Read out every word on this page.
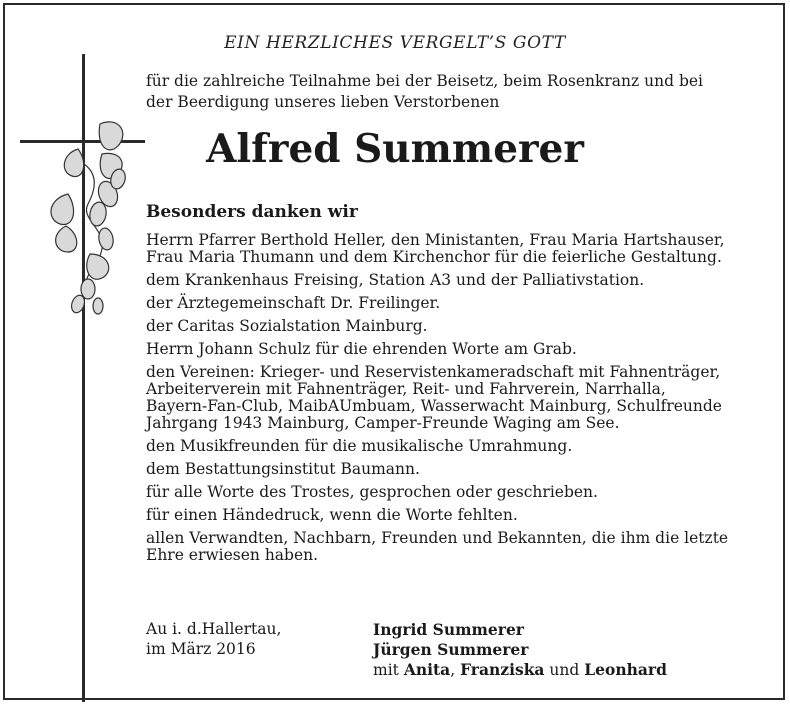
EIN HERZLICHES VERGELT’S GOTT
für die zahlreiche Teilnahme bei der Beisetz, beim Rosenkranz und bei
der Beerdigung unseres lieben Verstorbenen
Alfred Summerer
Besonders danken wir
Herrn Pfarrer Berthold Heller, den Ministanten, Frau Maria Hartshauser,
Frau Maria Thumann und dem Kirchenchor für die feierliche Gestaltung.
dem Krankenhaus Freising, Station A3 und der Palliativstation.
der Ärztegemeinschaft Dr. Freilinger.
der Caritas Sozialstation Mainburg.
Herrn Johann Schulz für die ehrenden Worte am Grab.
den Vereinen: Krieger- und Reservistenkameradschaft mit Fahnenträger,
Arbeiterverein mit Fahnenträger, Reit- und Fahrverein, Narrhalla,
Bayern-Fan-Club, MaibAUmbuam, Wasserwacht Mainburg, Schulfreunde
Jahrgang 1943 Mainburg, Camper-Freunde Waging am See.
den Musikfreunden für die musikalische Umrahmung.
dem Bestattungsinstitut Baumann.
für alle Worte des Trostes, gesprochen oder geschrieben.
für einen Händedruck, wenn die Worte fehlten.
allen Verwandten, Nachbarn, Freunden und Bekannten, die ihm die letzte
Ehre erwiesen haben.
Au i. d.Hallertau,
im März 2016
Ingrid Summerer
Jürgen Summerer
mit Anita, Franziska und Leonhard
